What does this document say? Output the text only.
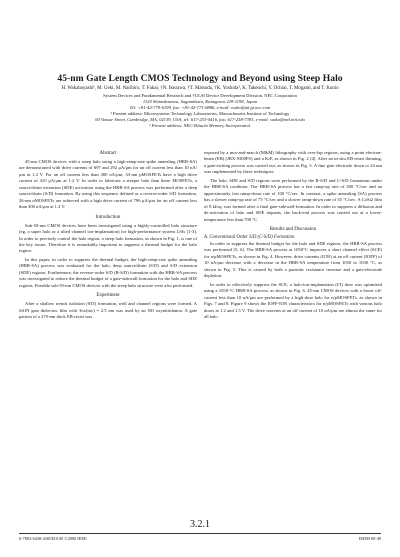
45-nm Gate Length CMOS Technology and Beyond using Steep Halo
H. Wakabayashi¹, M. Ueki, M. Narihiro, T. Fukai, †N. Ikezawa, †T. Matsuda, †K. Yoshida², K. Takeuchi, Y. Ochiai, T. Mogami, and T. Kunio
System Devices and Fundamental Research and †ULSI Device Development Division, NEC Corporation
1120 Shimokuzawa, Sagamihara, Kanagawa 229-1198, Japan
Tel: +81-42-779-6199, fax: +81-42-771-0886, e-mail: waka@ak.jp.nec.com
¹ Present address: Microsystems Technology Laboratories, Massachusetts Institute of Technology
60 Vassar Street, Cambridge, MA, 02139, USA, tel: 617-253-0416, fax: 617-258-7393, e-mail: waka@mtl.mit.edu
² Present address: NEC-Hitachi Memory Incorporated.
Abstract

45-nm CMOS devices with a steep halo using a high-ramp-rate spike annealing (HRR-SA) are demonstrated with drive currents of 697 and 292 μA/μm for an off current less than 10 nA/μm at 1.2 V. For an off current less than 300 nA/μm, 33-nm pMOSFETs have a high drive current of 410 μA/μm at 1.2 V. In order to fabricate a steeper halo than these MOSFETs, a source/drain extension (SDE) activation using the HRR-SA process was performed after a deep source/drain (S/D) formation. By using this sequence defined as a reverse-order S/D formation, 26-nm nMOSFETs are achieved with a high drive current of 796 μA/μm for an off current less than 300 nA/μm at 1.2 V.

Introduction

Sub-50-nm CMOS devices have been investigated using a highly-controlled halo structure (eg, a super halo or a tilted channel ion-implantation) for high-performance system LSIs [1-3]. In order to precisely control the halo region, a steep halo formation, as shown in Fig. 1, is one of the key issues. Therefore it is remarkably important to suppress a thermal budget for the halo region.

In this paper, in order to suppress the thermal budget, the high-ramp-rate spike annealing (HRR-SA) process was evaluated for the halo, deep source/drain (S/D) and S/D extension (SDE) regions. Furthermore, the reverse-order S/D (R-S/D) formation with the HRR-SA process was investigated to reduce the thermal budget of a gate-sidewall formation for the halo and SDE regions. Feasible sub-50-nm CMOS devices with the steep halo structure were also performed.

Experiment

After a shallow trench isolation (STI) formation, well and channel regions were formed. A SiON gate dielectric film with Tox(inv) = 2.5 nm was used by an NO oxynitridation. A gate pattern of a 270-nm thick EB-resist was

exposed by a mix-and-match (M&M) lithography with over-lap regions, using a point electron-beam (EB) (JBX-9300FS) and a KrF, as shown in Fig. 2 [4]. After an in-situ EB-resist thinning, a gate-etching process was carried out, as shown in Fig. 3. A fine gate electrode down to 24 nm was implemented by these techniques.

The halo, SDE and S/D regions were performed by the R-S/D and C-S/D formations under the HRR-SA condition. The HRR-SA process has a fast ramp-up rate of 300 °C/sec and an approximately fast ramp-down rate of 100 °C/sec. In contrast, a spike annealing (SA) process has a slower ramp-up rate of 75 °C/sec and a slower ramp-down rate of 35 °C/sec. A CoSi2 film of 8 Ω/sq. was formed after a final gate-sidewall-formation. In order to suppress a diffusion and de-activation of halo and SDE dopants, the back-end process was carried out at a lower-temperature less than 700 °C.

Results and Discussion
A. Conventional Order S/D (C-S/D) Formation

In order to suppress the thermal budget for the halo and SDE regions, the HRR-SA process was performed [5, 6]. The HRR-SA process at 1050°C improves a short channel effect (SCE) for n/pMOSFETs, as shown in Fig. 4. However, drive currents (ION) at an off current (IOFF) of 10 nA/μm decrease with a decrease in the HRR-SA temperature from 1050 to 1030 °C, as shown in Fig. 5. This is caused by both a parasitic resistance increase and a gate-electrode depletion.

In order to effectively suppress the SCE, a halo-ion-implantation (I/I) dose was optimized using a 1050-°C HRR-SA process, as shown in Fig. 6. 45-nm CMOS devices with a lower off-current less than 10 nA/μm are performed by a high-dose halo for n/pMOSFETs, as shown in Figs. 7 and 8. Figure 9 shows the IOFF-ION characteristics for n/pMOSFETs with various halo doses at 1.2 and 1.5 V. The drive currents at an off current of 10 nA/μm are almost the same for all halo

3.2.1
0-7803-6438-4/00/$10.00 ©2000 IEEE	IEDM 00-49
